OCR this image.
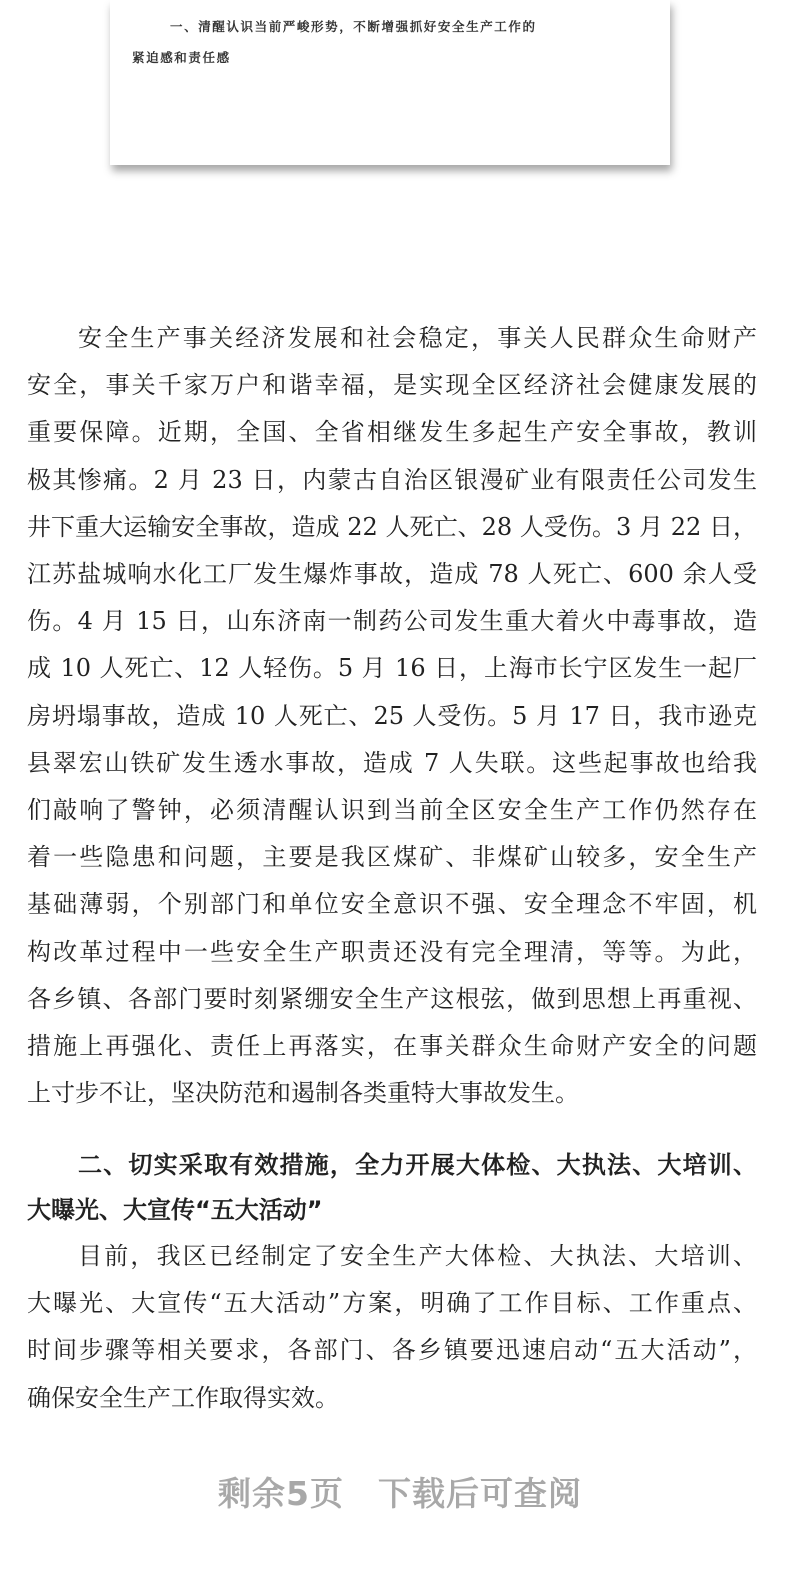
一、清醒认识当前严峻形势，不断增强抓好安全生产工作的
紧迫感和责任感
安全生产事关经济发展和社会稳定，事关人民群众生命财产
安全，事关千家万户和谐幸福，是实现全区经济社会健康发展的
重要保障。近期，全国、全省相继发生多起生产安全事故，教训
极其惨痛。2 月 23 日，内蒙古自治区银漫矿业有限责任公司发生
井下重大运输安全事故，造成 22 人死亡、28 人受伤。3 月 22 日，
江苏盐城响水化工厂发生爆炸事故，造成 78 人死亡、600 余人受
伤。4 月 15 日，山东济南一制药公司发生重大着火中毒事故，造
成 10 人死亡、12 人轻伤。5 月 16 日，上海市长宁区发生一起厂
房坍塌事故，造成 10 人死亡、25 人受伤。5 月 17 日，我市逊克
县翠宏山铁矿发生透水事故，造成 7 人失联。这些起事故也给我
们敲响了警钟，必须清醒认识到当前全区安全生产工作仍然存在
着一些隐患和问题，主要是我区煤矿、非煤矿山较多，安全生产
基础薄弱，个别部门和单位安全意识不强、安全理念不牢固，机
构改革过程中一些安全生产职责还没有完全理清，等等。为此，
各乡镇、各部门要时刻紧绷安全生产这根弦，做到思想上再重视、
措施上再强化、责任上再落实，在事关群众生命财产安全的问题
上寸步不让，坚决防范和遏制各类重特大事故发生。
二、切实采取有效措施，全力开展大体检、大执法、大培训、
大曝光、大宣传“五大活动”
目前，我区已经制定了安全生产大体检、大执法、大培训、
大曝光、大宣传“五大活动”方案，明确了工作目标、工作重点、
时间步骤等相关要求，各部门、各乡镇要迅速启动“五大活动”，
确保安全生产工作取得实效。
剩余5页　下载后可查阅
